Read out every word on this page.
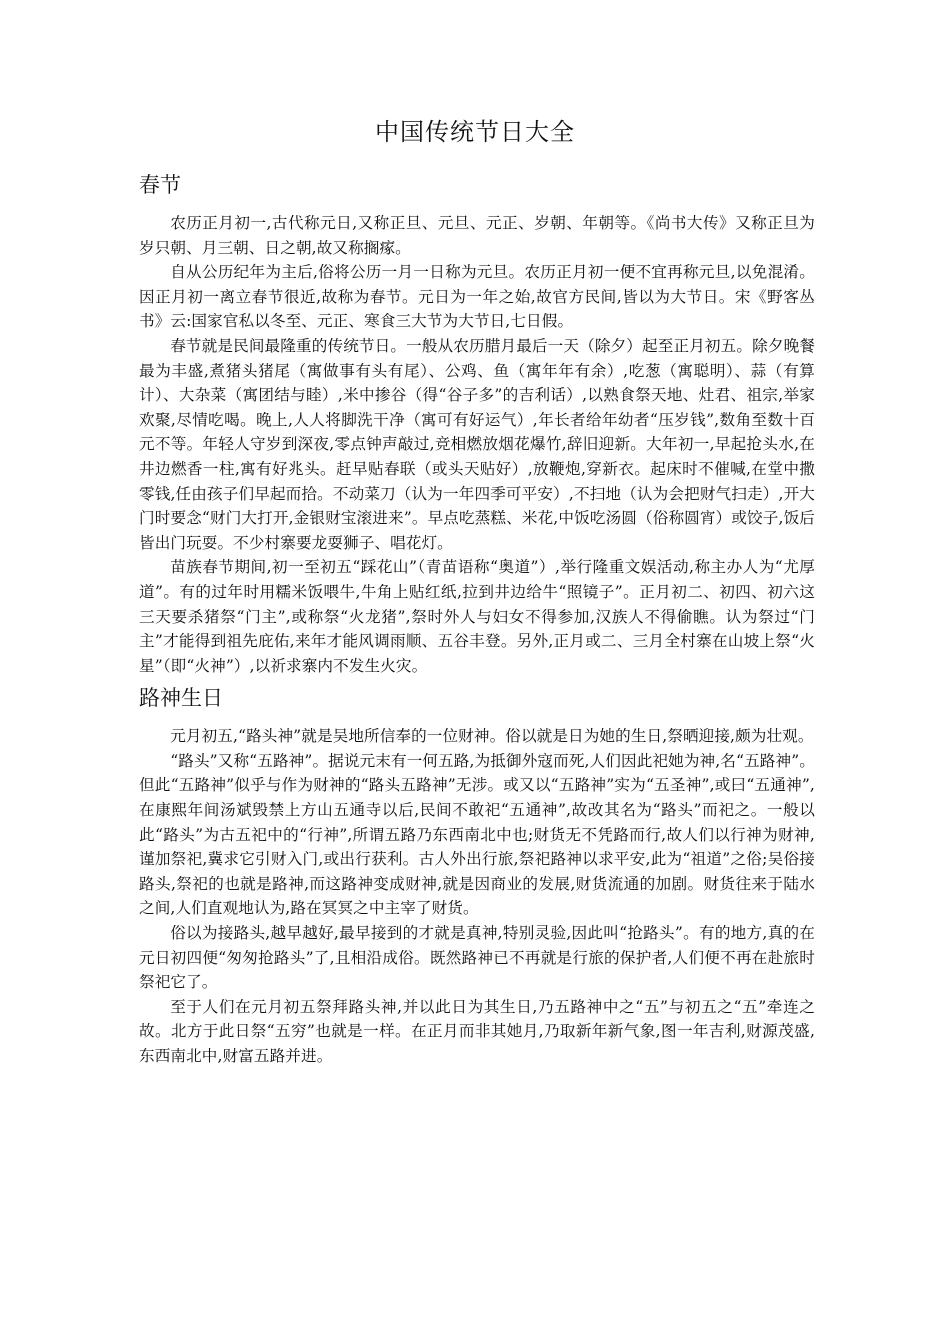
中国传统节日大全
春节

农历正月初一,古代称元日,又称正旦、元旦、元正、岁朝、年朝等。《尚书大传》又称正旦为岁只朝、月三朝、日之朝,故又称搁瘃。

自从公历纪年为主后,俗将公历一月一日称为元旦。农历正月初一便不宜再称元旦,以免混淆。因正月初一离立春节很近,故称为春节。元日为一年之始,故官方民间,皆以为大节日。宋《野客丛书》云:国家官私以冬至、元正、寒食三大节为大节日,七日假。

春节就是民间最隆重的传统节日。一般从农历腊月最后一天（除夕）起至正月初五。除夕晚餐最为丰盛,煮猪头猪尾（寓做事有头有尾）、公鸡、鱼（寓年年有余）,吃葱（寓聪明）、蒜（有算计）、大杂菜（寓团结与睦）,米中掺谷（得“谷子多”的吉利话）,以熟食祭天地、灶君、祖宗,举家欢聚,尽情吃喝。晚上,人人将脚洗干净（寓可有好运气）,年长者给年幼者“压岁钱”,数角至数十百元不等。年轻人守岁到深夜,零点钟声敲过,竞相燃放烟花爆竹,辞旧迎新。大年初一,早起抢头水,在井边燃香一柱,寓有好兆头。赶早贴春联（或头天贴好）,放鞭炮,穿新衣。起床时不催喊,在堂中撒零钱,任由孩子们早起而拾。不动菜刀（认为一年四季可平安）,不扫地（认为会把财气扫走）,开大门时要念“财门大打开,金银财宝滚进来”。早点吃蒸糕、米花,中饭吃汤圆（俗称圆宵）或饺子,饭后皆出门玩耍。不少村寨要龙耍狮子、唱花灯。

苗族春节期间,初一至初五“踩花山”（青苗语称“奥道”）,举行隆重文娱活动,称主办人为“尤厚道”。有的过年时用糯米饭喂牛,牛角上贴红纸,拉到井边给牛“照镜子”。正月初二、初四、初六这三天要杀猪祭“门主”,或称祭“火龙猪”,祭时外人与妇女不得参加,汉族人不得偷瞧。认为祭过“门主”才能得到祖先庇佑,来年才能风调雨顺、五谷丰登。另外,正月或二、三月全村寨在山坡上祭“火星”（即“火神”）,以祈求寨内不发生火灾。

路神生日

元月初五,“路头神”就是吴地所信奉的一位财神。俗以就是日为她的生日,祭晒迎接,颇为壮观。

“路头”又称“五路神”。据说元末有一何五路,为抵御外寇而死,人们因此祀她为神,名“五路神”。但此“五路神”似乎与作为财神的“路头五路神”无涉。或又以“五路神”实为“五圣神”,或曰“五通神”,在康熙年间汤斌毁禁上方山五通寺以后,民间不敢祀“五通神”,故改其名为“路头”而祀之。一般以此“路头”为古五祀中的“行神”,所谓五路乃东西南北中也;财货无不凭路而行,故人们以行神为财神,谨加祭祀,冀求它引财入门,或出行获利。古人外出行旅,祭祀路神以求平安,此为“祖道”之俗;吴俗接路头,祭祀的也就是路神,而这路神变成财神,就是因商业的发展,财货流通的加剧。财货往来于陆水之间,人们直观地认为,路在冥冥之中主宰了财货。

俗以为接路头,越早越好,最早接到的才就是真神,特别灵验,因此叫“抢路头”。有的地方,真的在元日初四便“匆匆抢路头”了,且相沿成俗。既然路神已不再就是行旅的保护者,人们便不再在赴旅时祭祀它了。

至于人们在元月初五祭拜路头神,并以此日为其生日,乃五路神中之“五”与初五之“五”牵连之故。北方于此日祭“五穷”也就是一样。在正月而非其她月,乃取新年新气象,图一年吉利,财源茂盛,东西南北中,财富五路并进。
